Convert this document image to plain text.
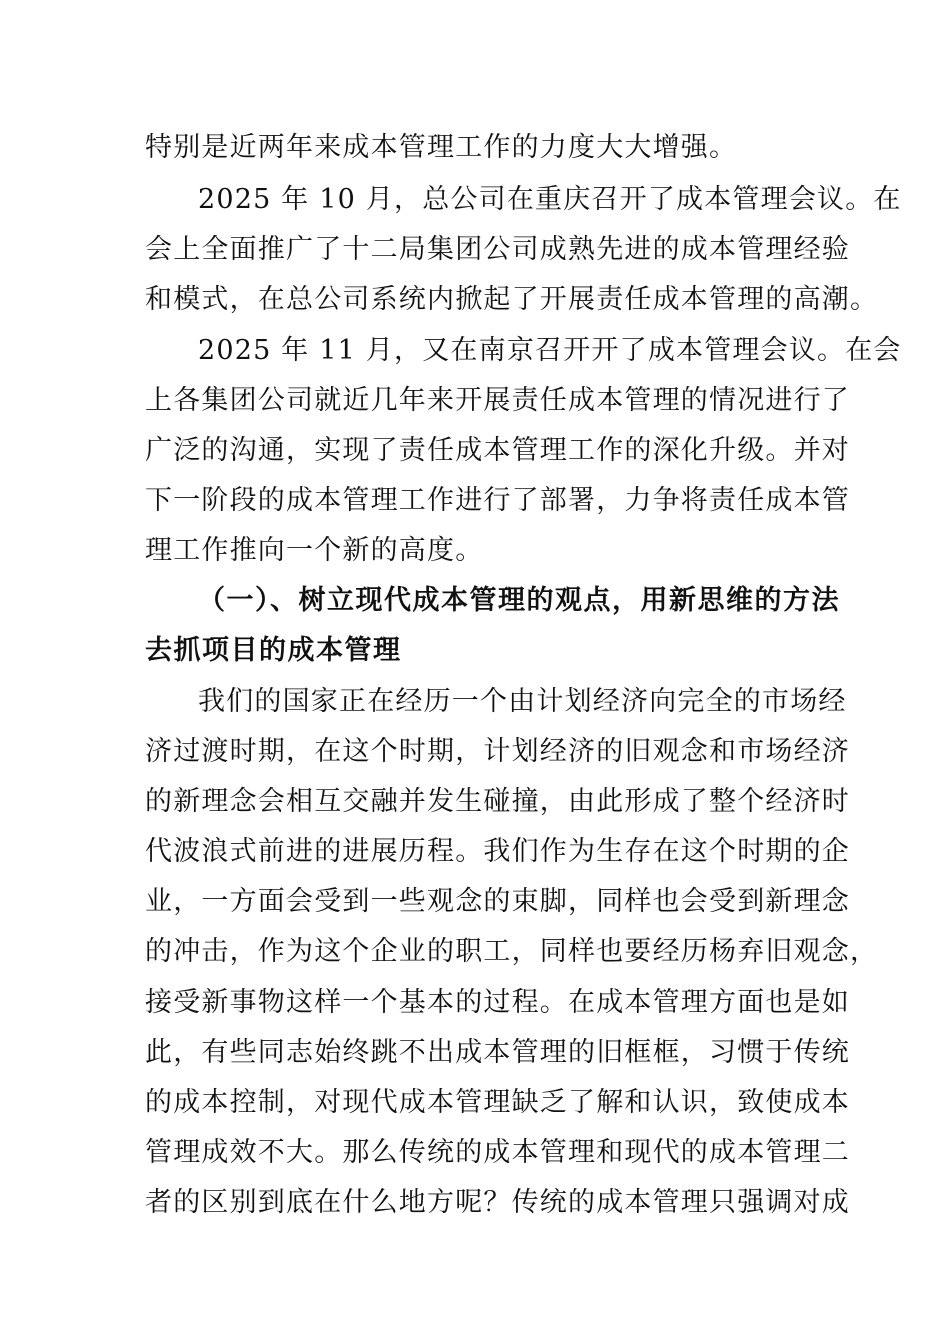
特别是近两年来成本管理工作的力度大大增强。
2025 年 10 月，总公司在重庆召开了成本管理会议。在
会上全面推广了十二局集团公司成熟先进的成本管理经验
和模式，在总公司系统内掀起了开展责任成本管理的高潮。
2025 年 11 月，又在南京召开开了成本管理会议。在会
上各集团公司就近几年来开展责任成本管理的情况进行了
广泛的沟通，实现了责任成本管理工作的深化升级。并对
下一阶段的成本管理工作进行了部署，力争将责任成本管
理工作推向一个新的高度。
（一）、树立现代成本管理的观点，用新思维的方法
去抓项目的成本管理
我们的国家正在经历一个由计划经济向完全的市场经
济过渡时期，在这个时期，计划经济的旧观念和市场经济
的新理念会相互交融并发生碰撞，由此形成了整个经济时
代波浪式前进的进展历程。我们作为生存在这个时期的企
业，一方面会受到一些观念的束脚，同样也会受到新理念
的冲击，作为这个企业的职工，同样也要经历杨弃旧观念，
接受新事物这样一个基本的过程。在成本管理方面也是如
此，有些同志始终跳不出成本管理的旧框框，习惯于传统
的成本控制，对现代成本管理缺乏了解和认识，致使成本
管理成效不大。那么传统的成本管理和现代的成本管理二
者的区别到底在什么地方呢？传统的成本管理只强调对成
